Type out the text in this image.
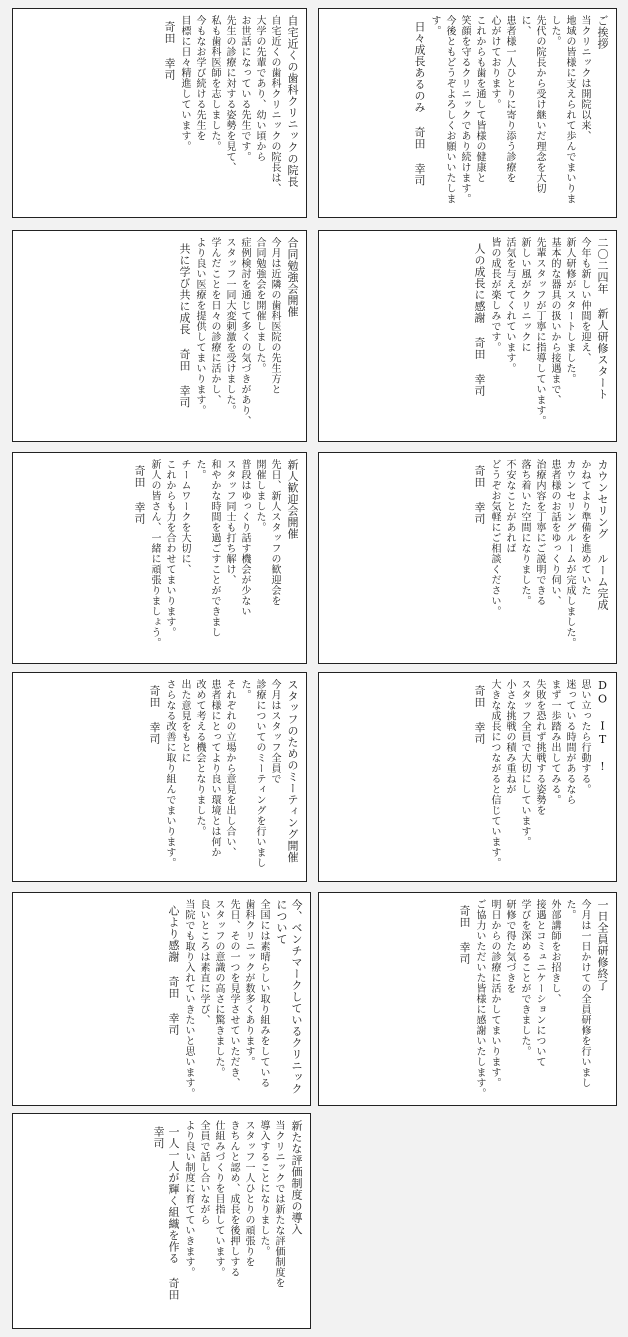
自宅近くの歯科クリニックの院長

自宅近くの歯科クリニックの院長は、

大学の先輩であり、幼い頃から

お世話になっている先生です。

先生の診療に対する姿勢を見て、

私も歯科医師を志しました。

今もなお学び続ける先生を

目標に日々精進しています。

奇田 幸司	ご挨拶

当クリニックは開院以来、

地域の皆様に支えられて歩んでまいりました。

先代の院長から受け継いだ理念を大切に、

患者様一人ひとりに寄り添う診療を

心がけております。

これからも歯を通して皆様の健康と

笑顔を守るクリニックであり続けます。

今後ともどうぞよろしくお願いいたします。

日々成長あるのみ 奇田 幸司

合同勉強会開催

今月は近隣の歯科医院の先生方と

合同勉強会を開催しました。

症例検討を通じて多くの気づきがあり、

スタッフ一同大変刺激を受けました。

学んだことを日々の診療に活かし、

より良い医療を提供してまいります。

共に学び共に成長 奇田 幸司	二〇二四年 新人研修スタート

今年も新しい仲間を迎え、

新人研修がスタートしました。

基本的な器具の扱いから接遇まで、

先輩スタッフが丁寧に指導しています。

新しい風がクリニックに

活気を与えてくれています。

皆の成長が楽しみです。

人の成長に感謝 奇田 幸司

新人歓迎会開催

先日、新人スタッフの歓迎会を

開催しました。

普段はゆっくり話す機会が少ない

スタッフ同士も打ち解け、

和やかな時間を過ごすことができました。

チームワークを大切に、

これからも力を合わせてまいります。

新人の皆さん、一緒に頑張りましょう。

奇田 幸司	カウンセリング ルーム完成

かねてより準備を進めていた

カウンセリングルームが完成しました。

患者様のお話をゆっくり伺い、

治療内容を丁寧にご説明できる

落ち着いた空間になりました。

不安なことがあれば

どうぞお気軽にご相談ください。

奇田 幸司

スタッフのためのミーティング開催

今月はスタッフ全員で

診療についてのミーティングを行いました。

それぞれの立場から意見を出し合い、

患者様にとってより良い環境とは何か

改めて考える機会となりました。

出た意見をもとに

さらなる改善に取り組んでまいります。

奇田 幸司	DO IT !

思い立ったら行動する。

迷っている時間があるなら

まず一歩踏み出してみる。

失敗を恐れず挑戦する姿勢を

スタッフ全員で大切にしています。

小さな挑戦の積み重ねが

大きな成長につながると信じています。

奇田 幸司

今、ベンチマークしているクリニックについて

全国には素晴らしい取り組みをしている

歯科クリニックが数多くあります。

先日、その一つを見学させていただき、

スタッフの意識の高さに驚きました。

良いところは素直に学び、

当院でも取り入れていきたいと思います。

心より感謝 奇田 幸司	一日全員研修終了

今月は一日かけての全員研修を行いました。

外部講師をお招きし、

接遇とコミュニケーションについて

学びを深めることができました。

研修で得た気づきを

明日からの診療に活かしてまいります。

ご協力いただいた皆様に感謝いたします。

奇田 幸司

新たな評価制度の導入

当クリニックでは新たな評価制度を

導入することになりました。

スタッフ一人ひとりの頑張りを

きちんと認め、成長を後押しする

仕組みづくりを目指しています。

全員で話し合いながら

より良い制度に育てていきます。

一人一人が輝く組織を作る 奇田 幸司
